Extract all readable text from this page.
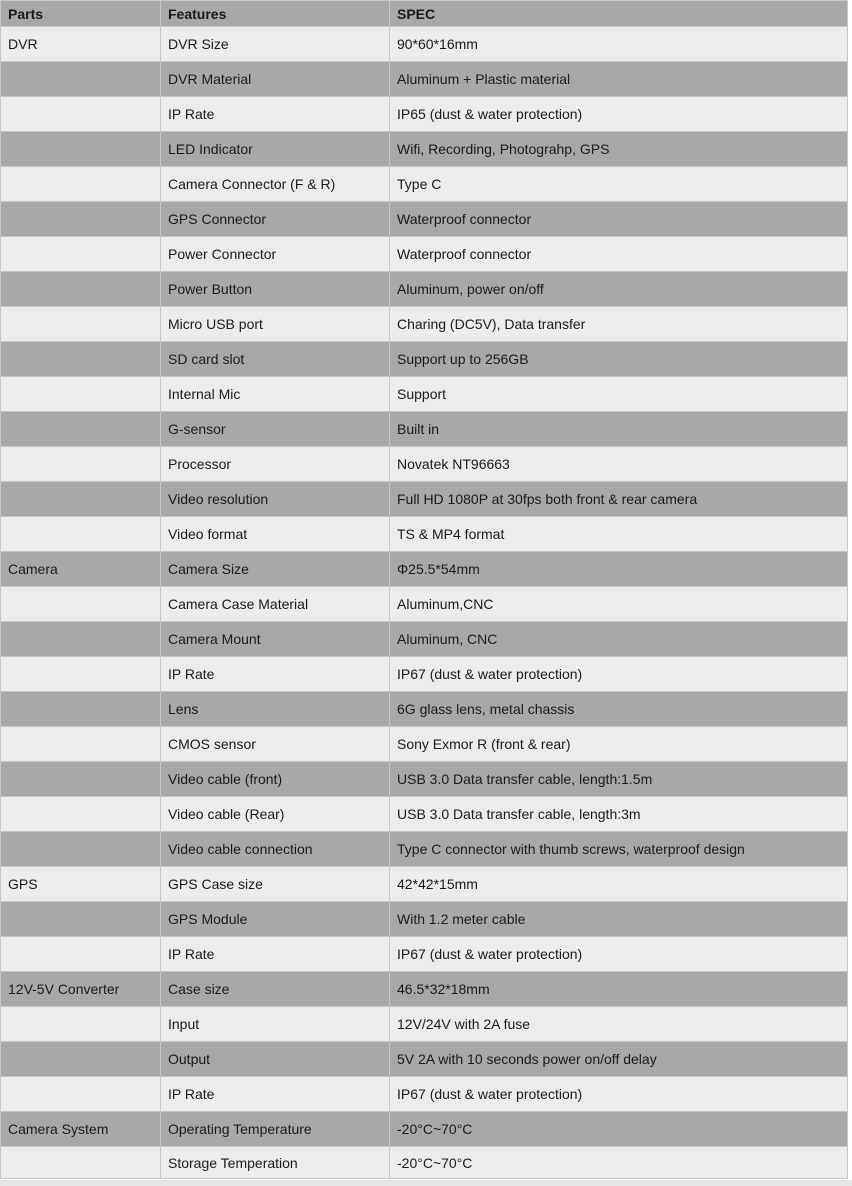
Parts	Features	SPEC
DVR	DVR Size	90*60*16mm
	DVR Material	Aluminum + Plastic material
	IP Rate	IP65 (dust & water protection)
	LED Indicator	Wifi, Recording, Photograhp, GPS
	Camera Connector (F & R)	Type C
	GPS Connector	Waterproof connector
	Power Connector	Waterproof connector
	Power Button	Aluminum, power on/off
	Micro USB port	Charing (DC5V), Data transfer
	SD card slot	Support up to 256GB
	Internal Mic	Support
	G-sensor	Built in
	Processor	Novatek NT96663
	Video resolution	Full HD 1080P at 30fps both front & rear camera
	Video format	TS & MP4 format
Camera	Camera Size	Φ25.5*54mm
	Camera Case Material	Aluminum,CNC
	Camera Mount	Aluminum, CNC
	IP Rate	IP67 (dust & water protection)
	Lens	6G glass lens, metal chassis
	CMOS sensor	Sony Exmor R (front & rear)
	Video cable (front)	USB 3.0 Data transfer cable, length:1.5m
	Video cable (Rear)	USB 3.0 Data transfer cable, length:3m
	Video cable connection	Type C connector with thumb screws, waterproof design
GPS	GPS Case size	42*42*15mm
	GPS Module	With 1.2 meter cable
	IP Rate	IP67 (dust & water protection)
12V-5V Converter	Case size	46.5*32*18mm
	Input	12V/24V with 2A fuse
	Output	5V 2A with 10 seconds power on/off delay
	IP Rate	IP67 (dust & water protection)
Camera System	Operating Temperature	-20°C~70°C
	Storage Temperation	-20°C~70°C
